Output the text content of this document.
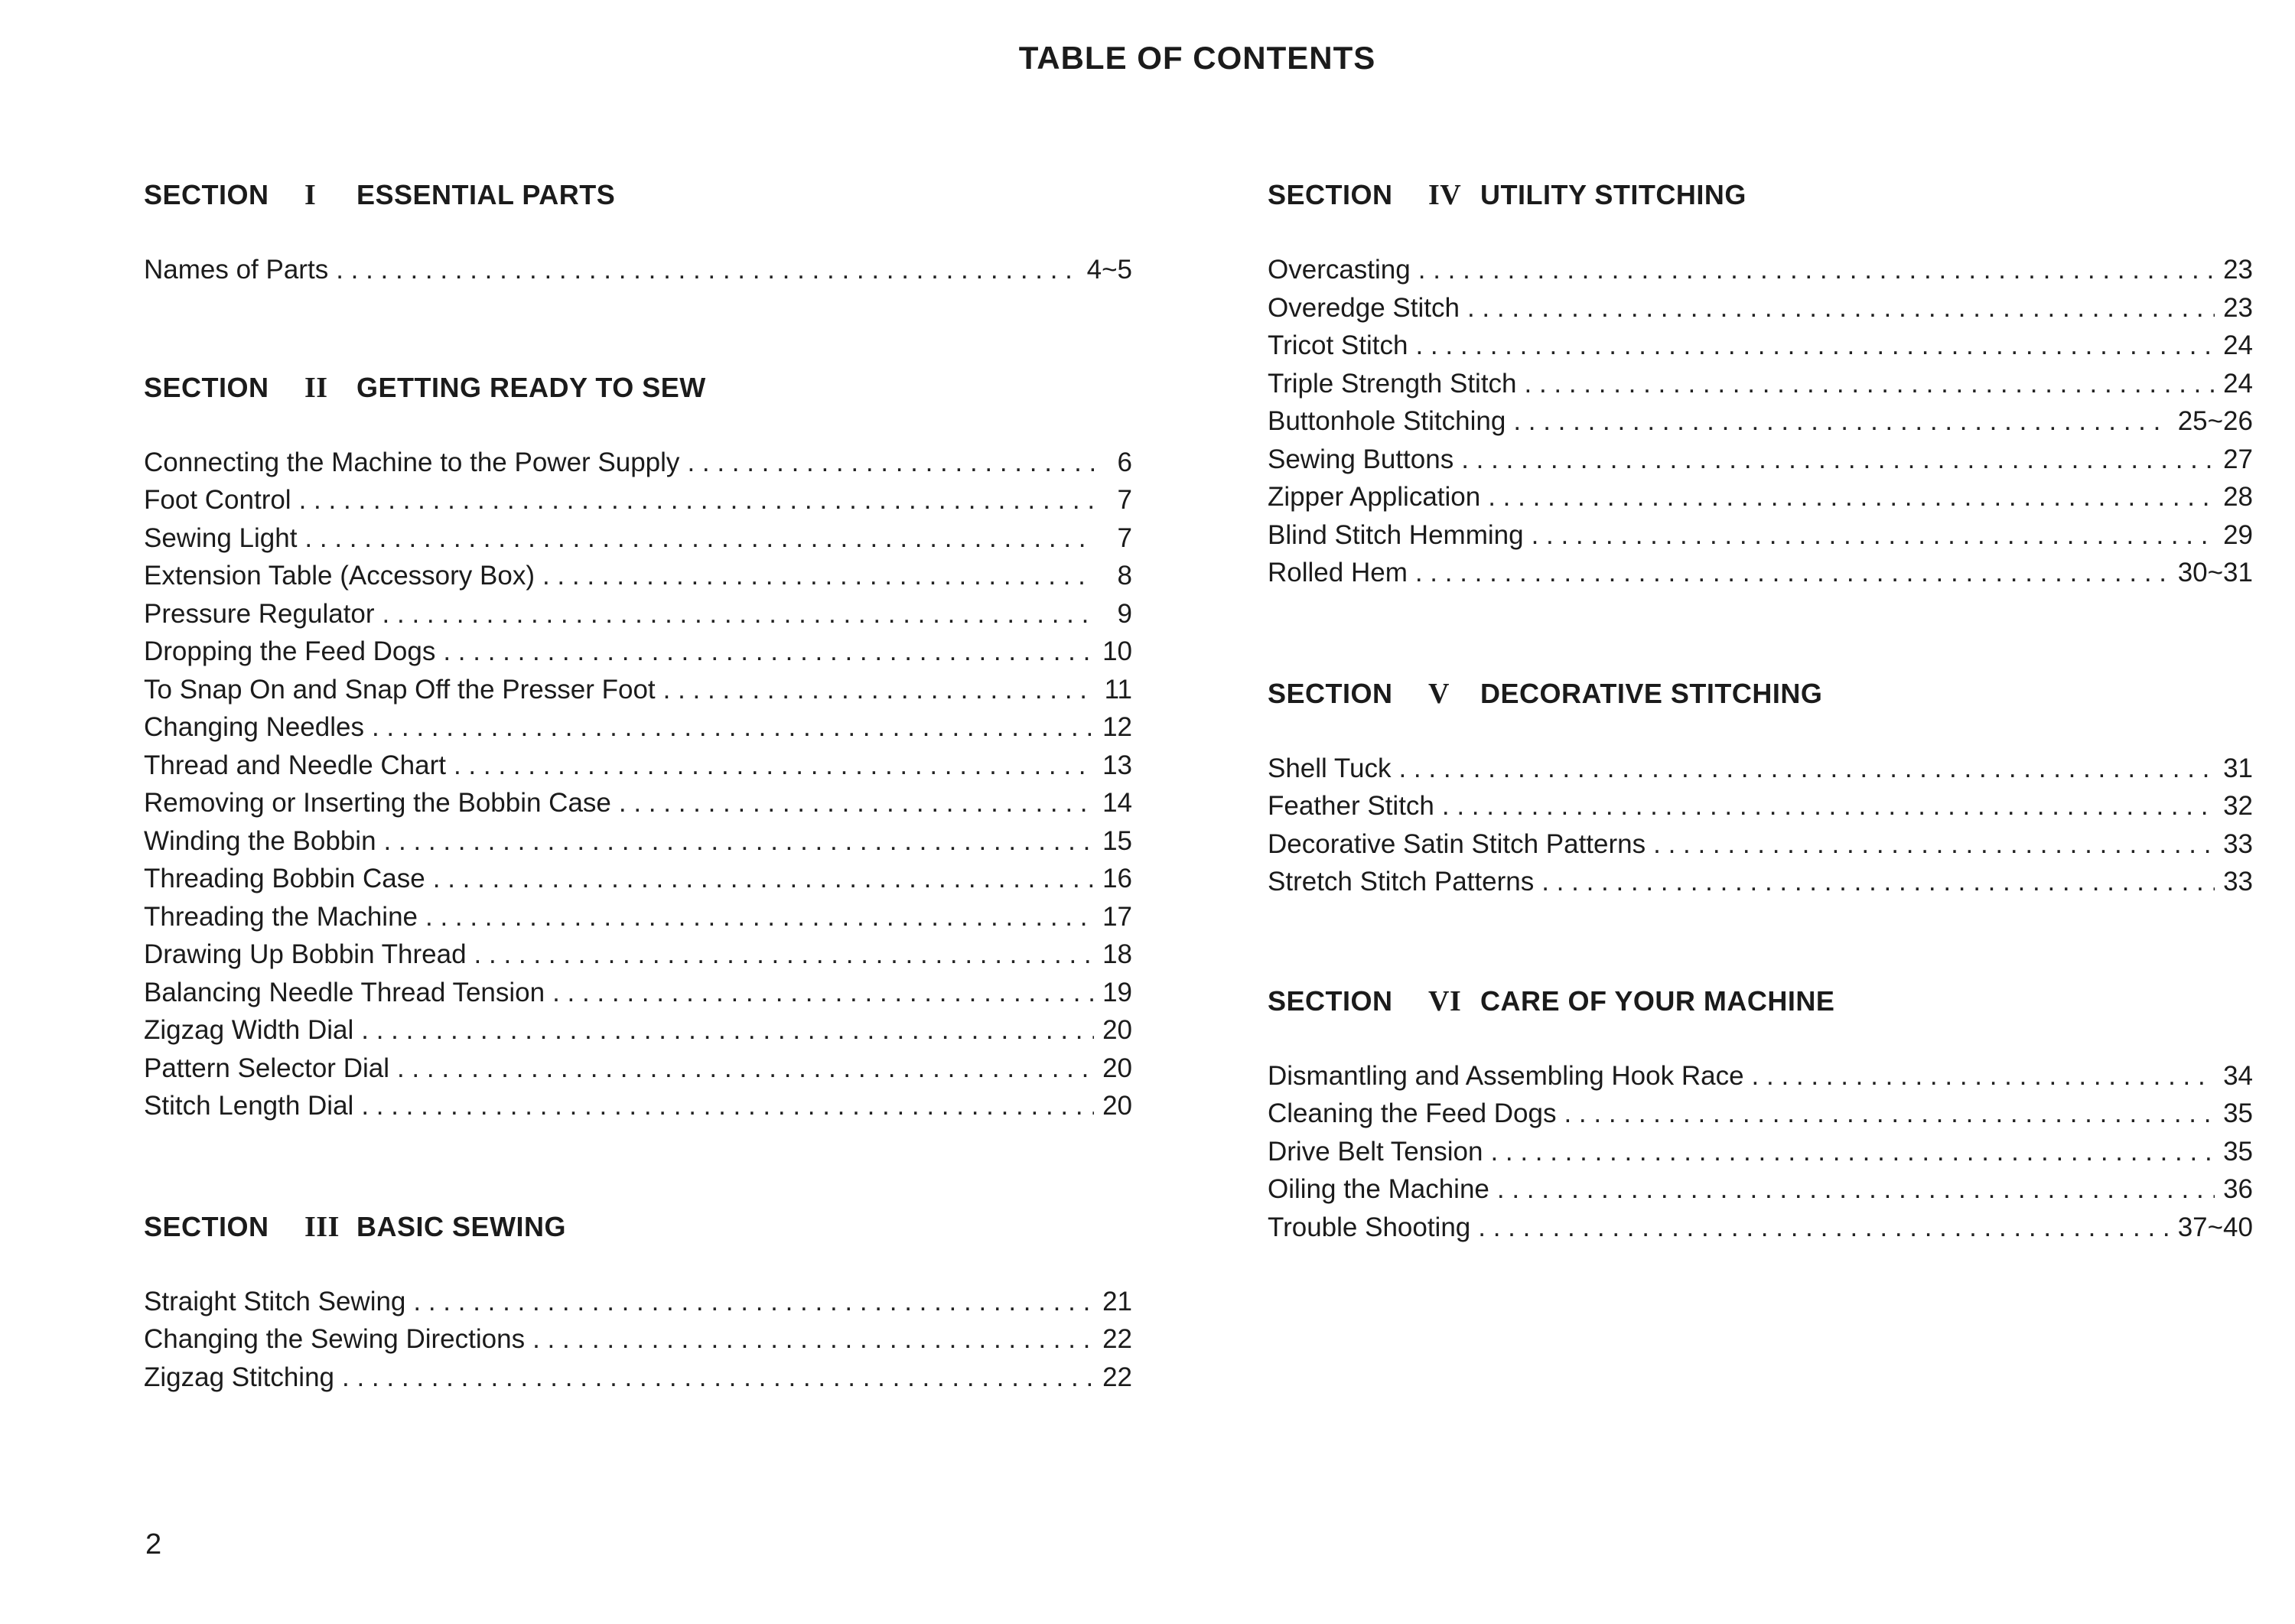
TABLE OF CONTENTS
SECTION	I	ESSENTIAL PARTS
Names of Parts . . .	4~5
SECTION	II	GETTING READY TO SEW
Connecting the Machine to the Power Supply . . .	6
Foot Control . . .	7
Sewing Light . . .	7
Extension Table (Accessory Box) . . .	8
Pressure Regulator . . .	9
Dropping the Feed Dogs . . .	10
To Snap On and Snap Off the Presser Foot . . .	11
Changing Needles . . .	12
Thread and Needle Chart . . .	13
Removing or Inserting the Bobbin Case . . .	14
Winding the Bobbin . . .	15
Threading Bobbin Case . . .	16
Threading the Machine . . .	17
Drawing Up Bobbin Thread . . .	18
Balancing Needle Thread Tension . . .	19
Zigzag Width Dial . . .	20
Pattern Selector Dial . . .	20
Stitch Length Dial . . .	20
SECTION	III BASIC SEWING
Straight Stitch Sewing . . .	21
Changing the Sewing Directions . . .	22
Zigzag Stitching . . .	22
SECTION	IV UTILITY STITCHING
Overcasting . . .	23
Overedge Stitch . . .	23
Tricot Stitch . . .	24
Triple Strength Stitch . . .	24
Buttonhole Stitching . . .	25~26
Sewing Buttons . . .	27
Zipper Application . . .	28
Blind Stitch Hemming . . .	29
Rolled Hem . . .	30~31
SECTION	V	DECORATIVE STITCHING
Shell Tuck . . .	31
Feather Stitch . . .	32
Decorative Satin Stitch Patterns . . .	33
Stretch Stitch Patterns . . .	33
SECTION	VI CARE OF YOUR MACHINE
Dismantling and Assembling Hook Race . . .	34
Cleaning the Feed Dogs . . .	35
Drive Belt Tension . . .	35
Oiling the Machine . . .	36
Trouble Shooting . . .	37~40
2
